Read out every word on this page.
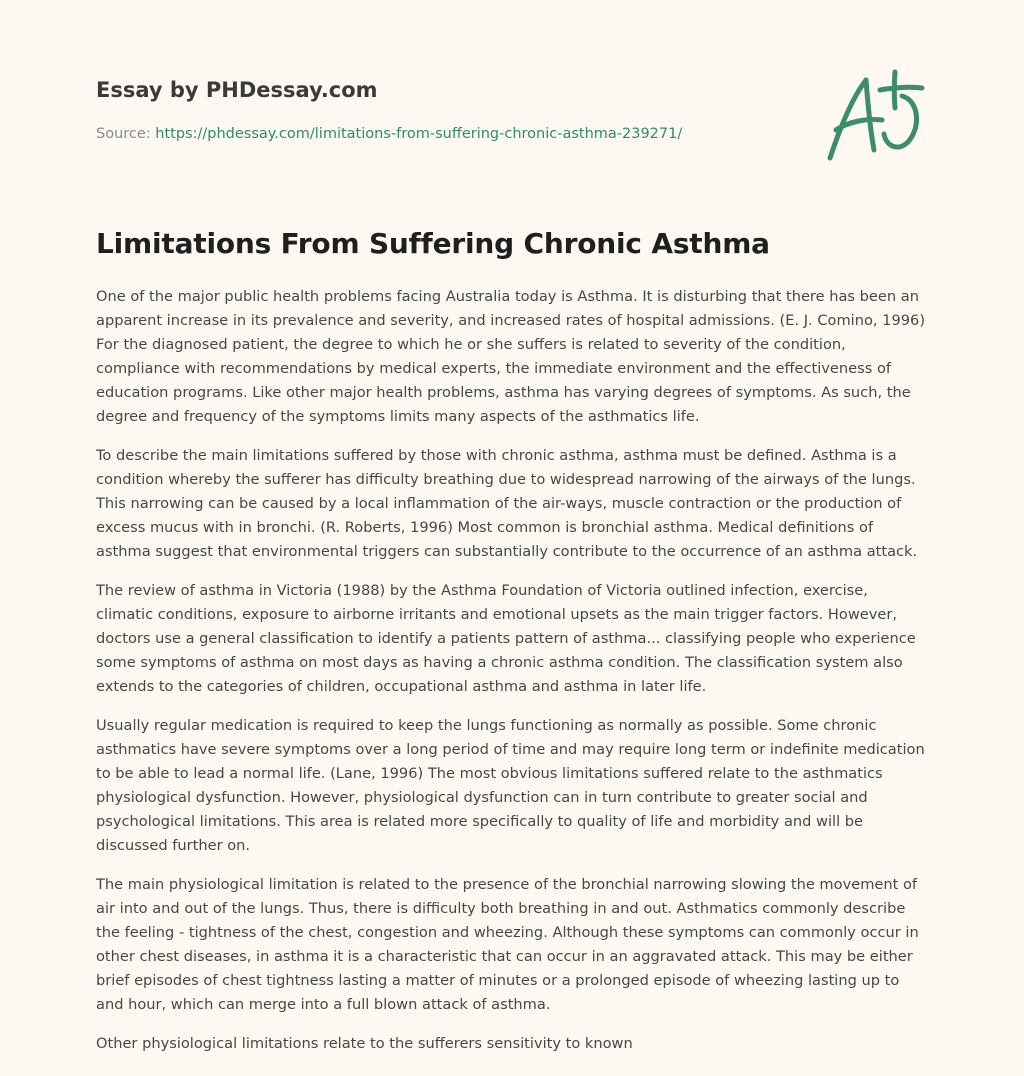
Essay by PHDessay.com
Source: https://phdessay.com/limitations-from-suffering-chronic-asthma-239271/
Limitations From Suffering Chronic Asthma

One of the major public health problems facing Australia today is Asthma. It is disturbing that there has been an apparent increase in its prevalence and severity, and increased rates of hospital admissions. (E. J. Comino, 1996) For the diagnosed patient, the degree to which he or she suffers is related to severity of the condition, compliance with recommendations by medical experts, the immediate environment and the effectiveness of education programs. Like other major health problems, asthma has varying degrees of symptoms. As such, the degree and frequency of the symptoms limits many aspects of the asthmatics life.

To describe the main limitations suffered by those with chronic asthma, asthma must be defined. Asthma is a condition whereby the sufferer has difficulty breathing due to widespread narrowing of the airways of the lungs. This narrowing can be caused by a local inflammation of the air-ways, muscle contraction or the production of excess mucus with in bronchi. (R. Roberts, 1996) Most common is bronchial asthma. Medical definitions of asthma suggest that environmental triggers can substantially contribute to the occurrence of an asthma attack.

The review of asthma in Victoria (1988) by the Asthma Foundation of Victoria outlined infection, exercise, climatic conditions, exposure to airborne irritants and emotional upsets as the main trigger factors. However, doctors use a general classification to identify a patients pattern of asthma... classifying people who experience some symptoms of asthma on most days as having a chronic asthma condition. The classification system also extends to the categories of children, occupational asthma and asthma in later life.

Usually regular medication is required to keep the lungs functioning as normally as possible. Some chronic asthmatics have severe symptoms over a long period of time and may require long term or indefinite medication to be able to lead a normal life. (Lane, 1996) The most obvious limitations suffered relate to the asthmatics physiological dysfunction. However, physiological dysfunction can in turn contribute to greater social and psychological limitations. This area is related more specifically to quality of life and morbidity and will be discussed further on.

The main physiological limitation is related to the presence of the bronchial narrowing slowing the movement of air into and out of the lungs. Thus, there is difficulty both breathing in and out. Asthmatics commonly describe the feeling - tightness of the chest, congestion and wheezing. Although these symptoms can commonly occur in other chest diseases, in asthma it is a characteristic that can occur in an aggravated attack. This may be either brief episodes of chest tightness lasting a matter of minutes or a prolonged episode of wheezing lasting up to and hour, which can merge into a full blown attack of asthma.

Other physiological limitations relate to the sufferers sensitivity to known
